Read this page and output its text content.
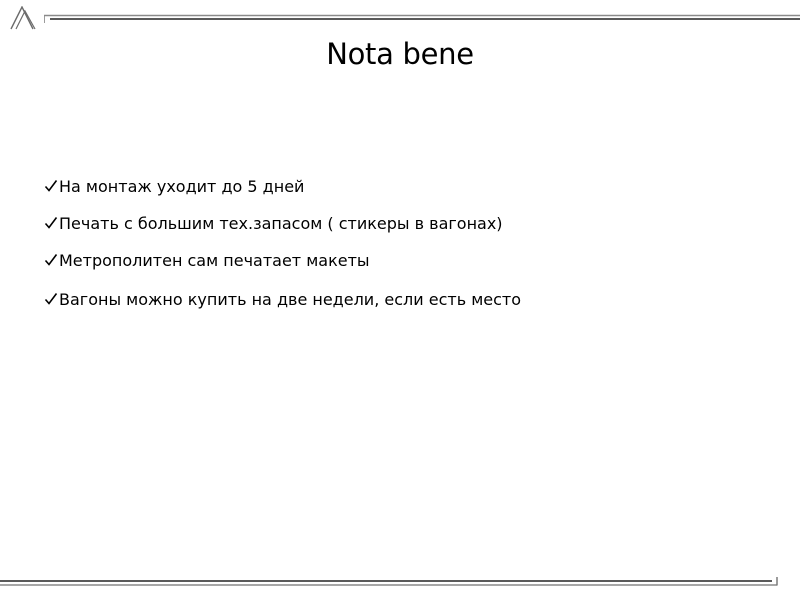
Nota bene
На монтаж уходит до 5 дней
Печать с большим тех.запасом ( стикеры в вагонах)
Метрополитен сам печатает макеты
Вагоны можно купить на две недели, если есть место
